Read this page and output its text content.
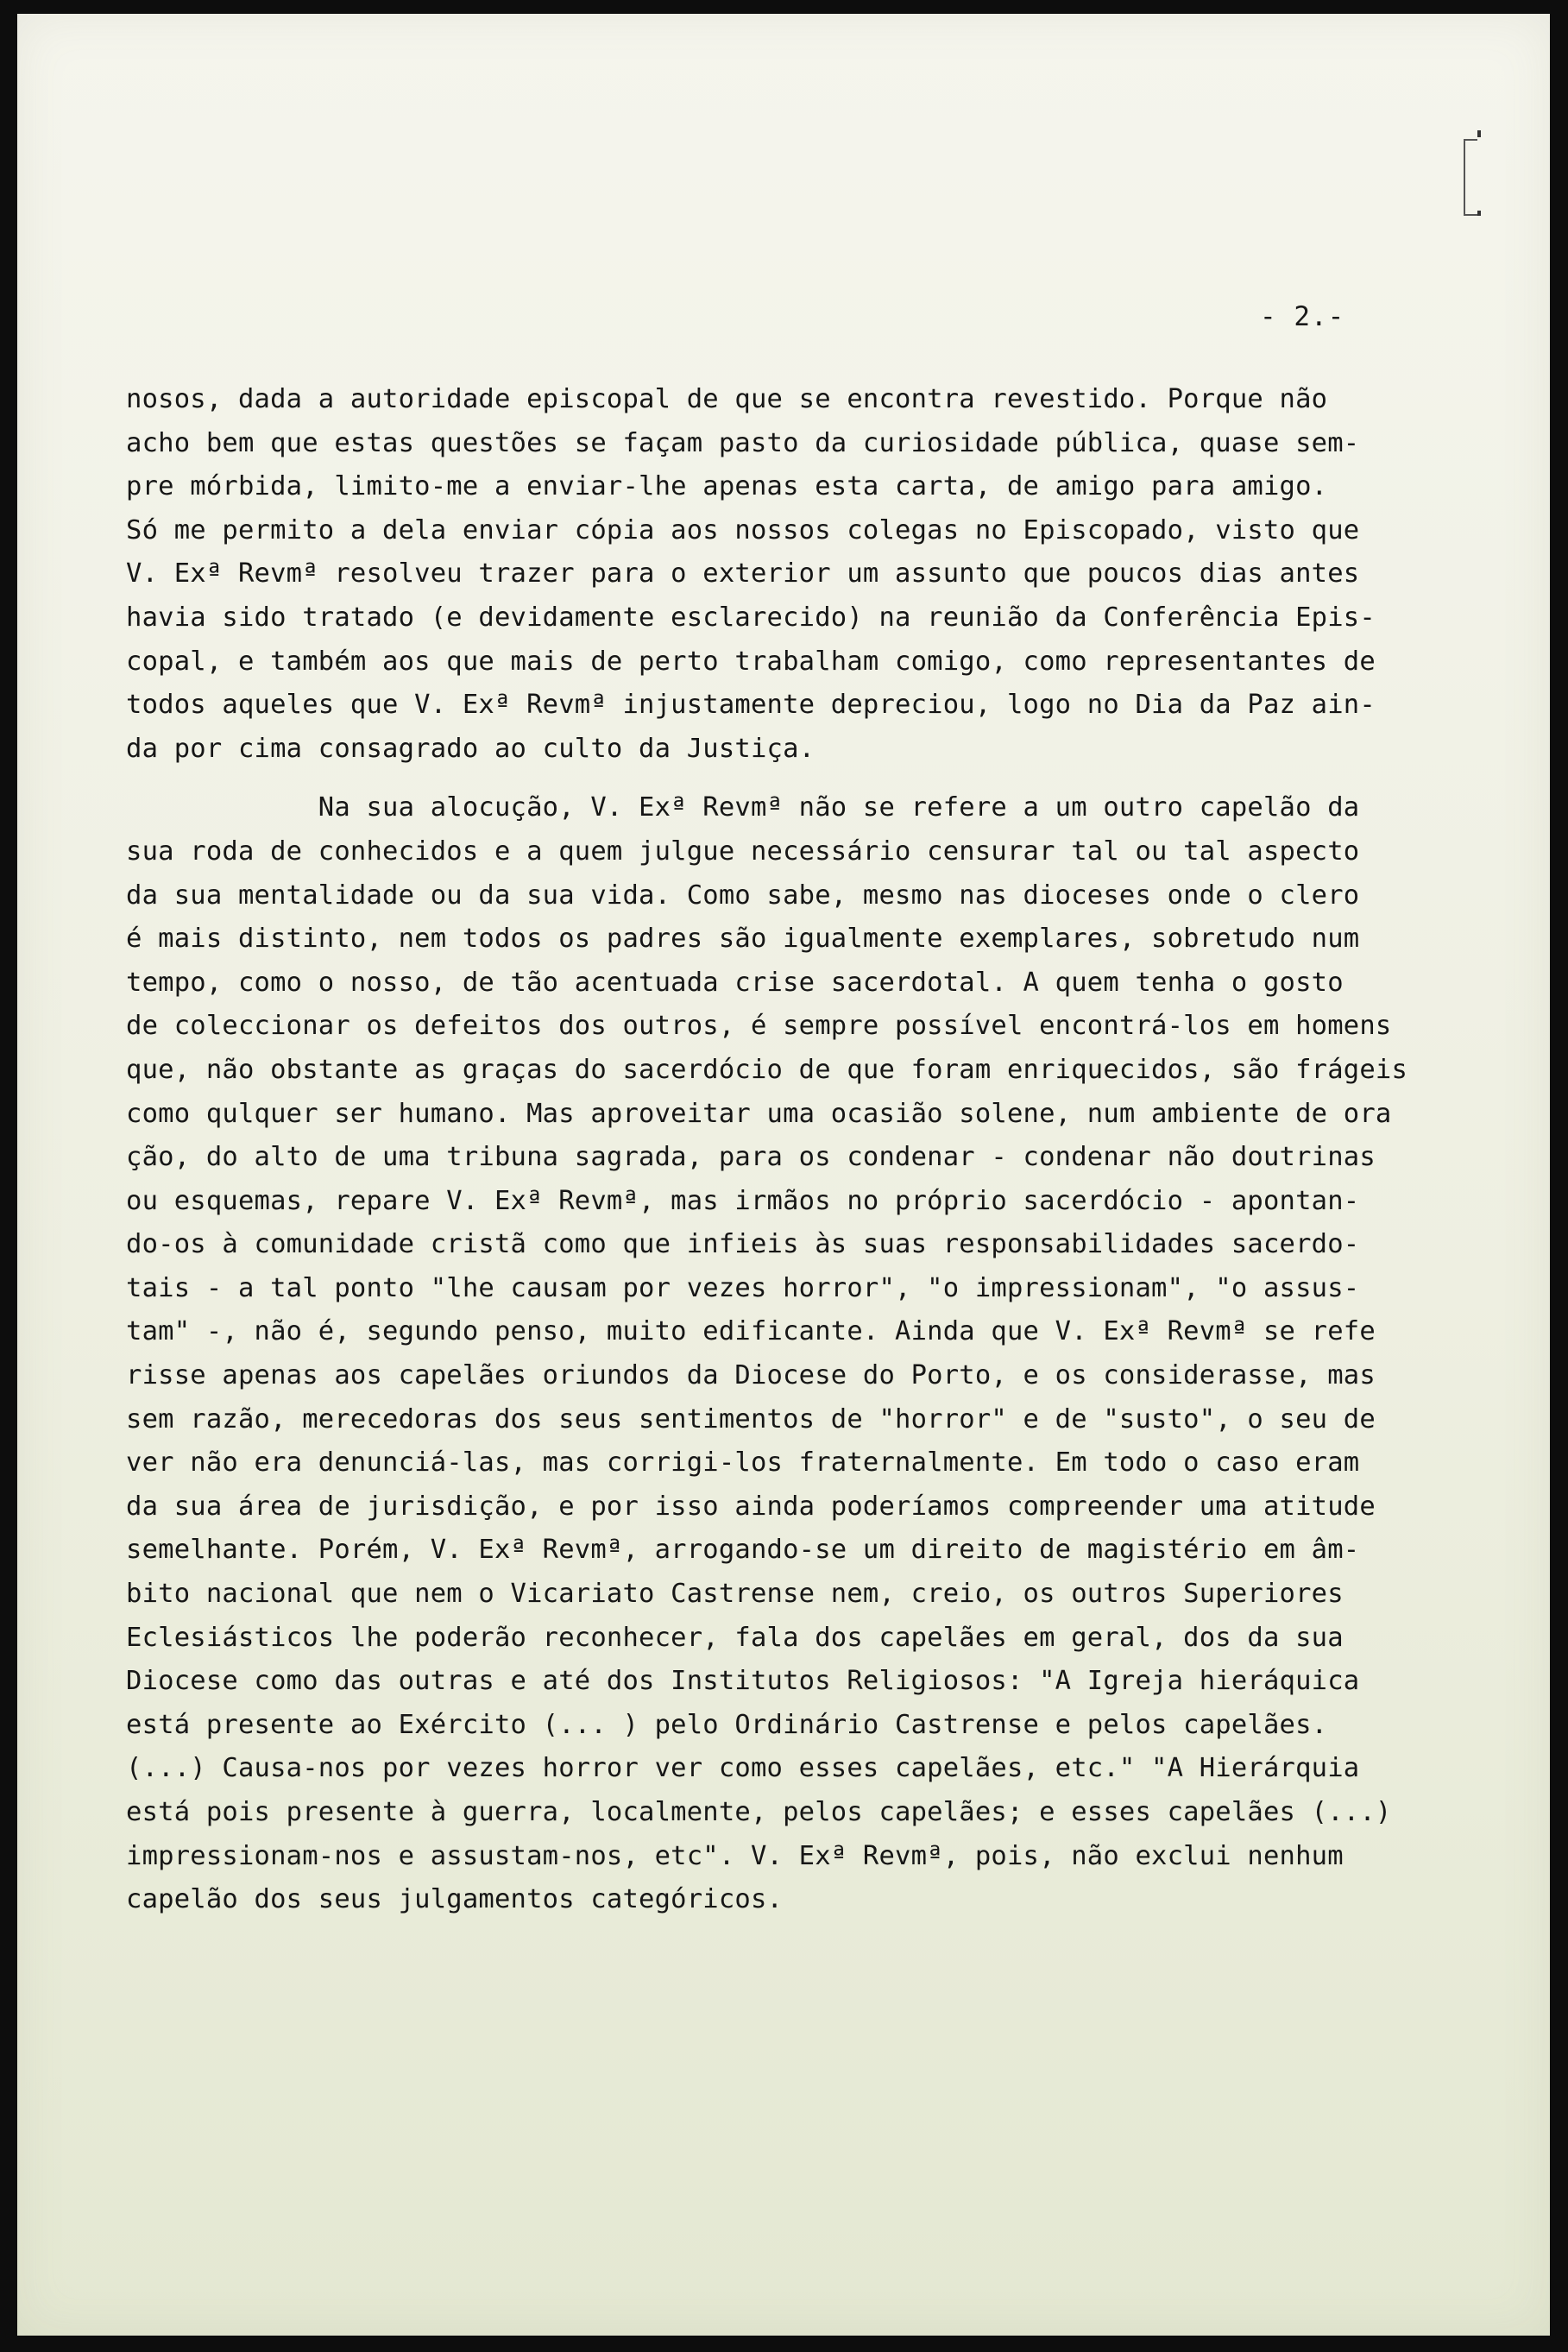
- 2.-
nosos, dada a autoridade episcopal de que se encontra revestido. Porque não
acho bem que estas questões se façam pasto da curiosidade pública, quase sem-
pre mórbida, limito-me a enviar-lhe apenas esta carta, de amigo para amigo.
Só me permito a dela enviar cópia aos nossos colegas no Episcopado, visto que
V. Exª Revmª resolveu trazer para o exterior um assunto que poucos dias antes
havia sido tratado (e devidamente esclarecido) na reunião da Conferência Epis-
copal, e também aos que mais de perto trabalham comigo, como representantes de
todos aqueles que V. Exª Revmª injustamente depreciou, logo no Dia da Paz ain-
da por cima consagrado ao culto da Justiça.
Na sua alocução, V. Exª Revmª não se refere a um outro capelão da
sua roda de conhecidos e a quem julgue necessário censurar tal ou tal aspecto
da sua mentalidade ou da sua vida. Como sabe, mesmo nas dioceses onde o clero
é mais distinto, nem todos os padres são igualmente exemplares, sobretudo num
tempo, como o nosso, de tão acentuada crise sacerdotal. A quem tenha o gosto
de coleccionar os defeitos dos outros, é sempre possível encontrá-los em homens
que, não obstante as graças do sacerdócio de que foram enriquecidos, são frágeis
como qulquer ser humano. Mas aproveitar uma ocasião solene, num ambiente de ora
ção, do alto de uma tribuna sagrada, para os condenar - condenar não doutrinas
ou esquemas, repare V. Exª Revmª, mas irmãos no próprio sacerdócio - apontan-
do-os à comunidade cristã como que infieis às suas responsabilidades sacerdo-
tais - a tal ponto "lhe causam por vezes horror", "o impressionam", "o assus-
tam" -, não é, segundo penso, muito edificante. Ainda que V. Exª Revmª se refe
risse apenas aos capelães oriundos da Diocese do Porto, e os considerasse, mas
sem razão, merecedoras dos seus sentimentos de "horror" e de "susto", o seu de
ver não era denunciá-las, mas corrigi-los fraternalmente. Em todo o caso eram
da sua área de jurisdição, e por isso ainda poderíamos compreender uma atitude
semelhante. Porém, V. Exª Revmª, arrogando-se um direito de magistério em âm-
bito nacional que nem o Vicariato Castrense nem, creio, os outros Superiores
Eclesiásticos lhe poderão reconhecer, fala dos capelães em geral, dos da sua
Diocese como das outras e até dos Institutos Religiosos: "A Igreja hieráquica
está presente ao Exército (... ) pelo Ordinário Castrense e pelos capelães.
(...) Causa-nos por vezes horror ver como esses capelães, etc." "A Hierárquia
está pois presente à guerra, localmente, pelos capelães; e esses capelães (...)
impressionam-nos e assustam-nos, etc". V. Exª Revmª, pois, não exclui nenhum
capelão dos seus julgamentos categóricos.
